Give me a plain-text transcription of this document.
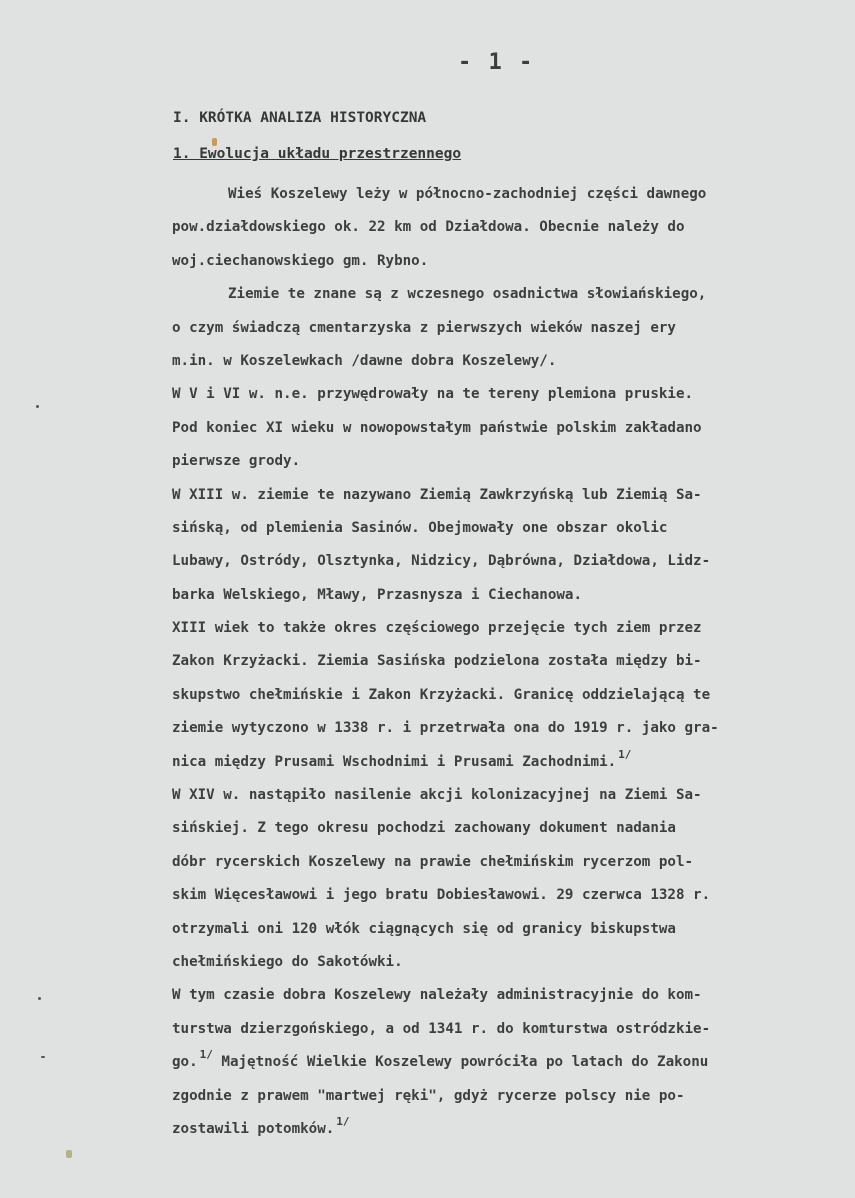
- 1 -
I. KRÓTKA ANALIZA HISTORYCZNA
1. Ewolucja układu przestrzennego
Wieś Koszelewy leży w północno-zachodniej części dawnego
pow.działdowskiego ok. 22 km od Działdowa. Obecnie należy do
woj.ciechanowskiego gm. Rybno.
Ziemie te znane są z wczesnego osadnictwa słowiańskiego,
o czym świadczą cmentarzyska z pierwszych wieków naszej ery
m.in. w Koszelewkach /dawne dobra Koszelewy/.
W V i VI w. n.e. przywędrowały na te tereny plemiona pruskie.
Pod koniec XI wieku w nowopowstałym państwie polskim zakładano
pierwsze grody.
W XIII w. ziemie te nazywano Ziemią Zawkrzyńską lub Ziemią Sa-
sińską, od plemienia Sasinów. Obejmowały one obszar okolic
Lubawy, Ostródy, Olsztynka, Nidzicy, Dąbrówna, Działdowa, Lidz-
barka Welskiego, Mławy, Przasnysza i Ciechanowa.
XIII wiek to także okres częściowego przejęcie tych ziem przez
Zakon Krzyżacki. Ziemia Sasińska podzielona została między bi-
skupstwo chełmińskie i Zakon Krzyżacki. Granicę oddzielającą te
ziemie wytyczono w 1338 r. i przetrwała ona do 1919 r. jako gra-
nica między Prusami Wschodnimi i Prusami Zachodnimi. $^{1/}$
W XIV w. nastąpiło nasilenie akcji kolonizacyjnej na Ziemi Sa-
sińskiej. Z tego okresu pochodzi zachowany dokument nadania
dóbr rycerskich Koszelewy na prawie chełmińskim rycerzom pol-
skim Więcesławowi i jego bratu Dobiesławowi. 29 czerwca 1328 r.
otrzymali oni 120 włók ciągnących się od granicy biskupstwa
chełmińskiego do Sakotówki.
W tym czasie dobra Koszelewy należały administracyjnie do kom-
turstwa dzierzgońskiego, a od 1341 r. do komturstwa ostródzkie-
go. $^{1/}$ Majętność Wielkie Koszelewy powróciła po latach do Zakonu
zgodnie z prawem "martwej ręki", gdyż rycerze polscy nie po-
zostawili potomków. $^{1/}$
